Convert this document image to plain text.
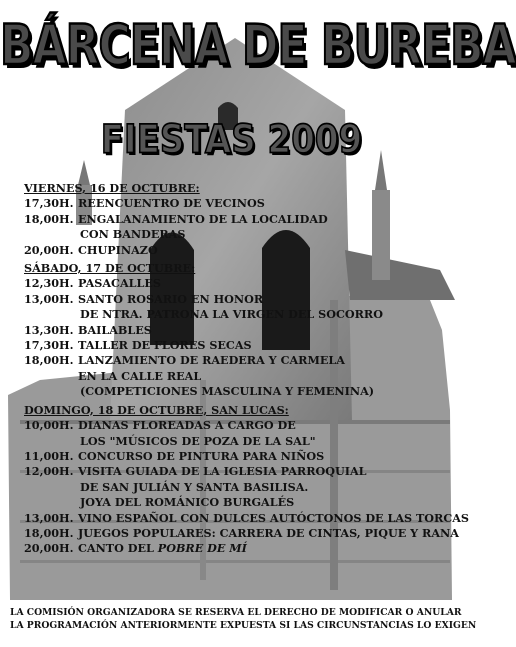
BÁRCENA DE BUREBA
FIESTAS 2009
VIERNES, 16 DE OCTUBRE:
17,30H. REENCUENTRO DE VECINOS
18,00H. ENGALANAMIENTO DE LA LOCALIDAD
CON BANDERAS
20,00H. CHUPINAZO
SÁBADO, 17 DE OCTUBRE:
12,30H. PASACALLES
13,00H. SANTO ROSARIO EN HONOR
DE NTRA. PATRONA LA VIRGEN DEL SOCORRO
13,30H. BAILABLES
17,30H. TALLER DE FLORES SECAS
18,00H. LANZAMIENTO DE RAEDERA Y CARMELA
EN LA CALLE REAL
(COMPETICIONES MASCULINA Y FEMENINA)
DOMINGO, 18 DE OCTUBRE, SAN LUCAS:
10,00H. DIANAS FLOREADAS A CARGO DE
LOS "MÚSICOS DE POZA DE LA SAL"
11,00H. CONCURSO DE PINTURA PARA NIÑOS
12,00H. VISITA GUIADA DE LA IGLESIA PARROQUIAL
DE SAN JULIÁN Y SANTA BASILISA.
JOYA DEL ROMÁNICO BURGALÉS
13,00H. VINO ESPAÑOL CON DULCES AUTÓCTONOS DE LAS TORCAS
18,00H. JUEGOS POPULARES: CARRERA DE CINTAS, PIQUE Y RANA
20,00H. CANTO DEL POBRE DE MÍ
LA COMISIÓN ORGANIZADORA SE RESERVA EL DERECHO DE MODIFICAR O ANULAR
LA PROGRAMACIÓN ANTERIORMENTE EXPUESTA SI LAS CIRCUNSTANCIAS LO EXIGEN
